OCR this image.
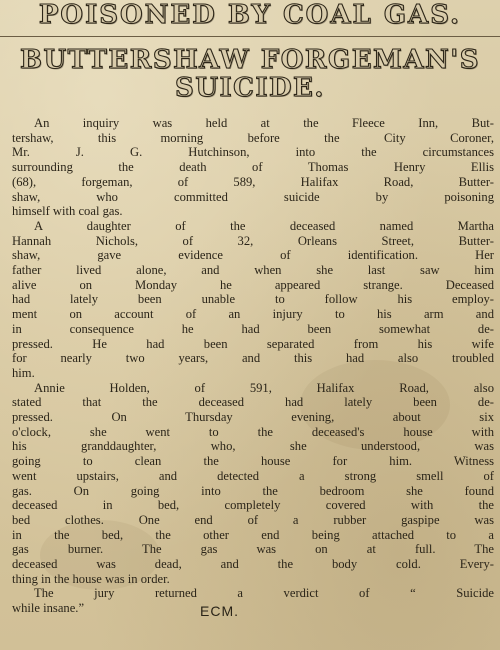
POISONED BY COAL GAS.
BUTTERSHAW FORGEMAN'S
SUICIDE.
An inquiry was held at the Fleece Inn, But-
tershaw, this morning before the City Coroner,
Mr. J. G. Hutchinson, into the circumstances
surrounding the death of Thomas Henry Ellis
(68), forgeman, of 589, Halifax Road, Butter-
shaw, who committed suicide by poisoning
himself with coal gas.
A daughter of the deceased named Martha
Hannah Nichols, of 32, Orleans Street, Butter-
shaw, gave evidence of identification. Her
father lived alone, and when she last saw him
alive on Monday he appeared strange. Deceased
had lately been unable to follow his employ-
ment on account of an injury to his arm and
in consequence he had been somewhat de-
pressed. He had been separated from his wife
for nearly two years, and this had also troubled
him.
Annie Holden, of 591, Halifax Road, also
stated that the deceased had lately been de-
pressed. On Thursday evening, about six
o'clock, she went to the deceased's house with
his granddaughter, who, she understood, was
going to clean the house for him. Witness
went upstairs, and detected a strong smell of
gas. On going into the bedroom she found
deceased in bed, completely covered with the
bed clothes. One end of a rubber gaspipe was
in the bed, the other end being attached to a
gas burner. The gas was on at full. The
deceased was dead, and the body cold. Every-
thing in the house was in order.
The jury returned a verdict of “ Suicide
while insane.”	ECM.
